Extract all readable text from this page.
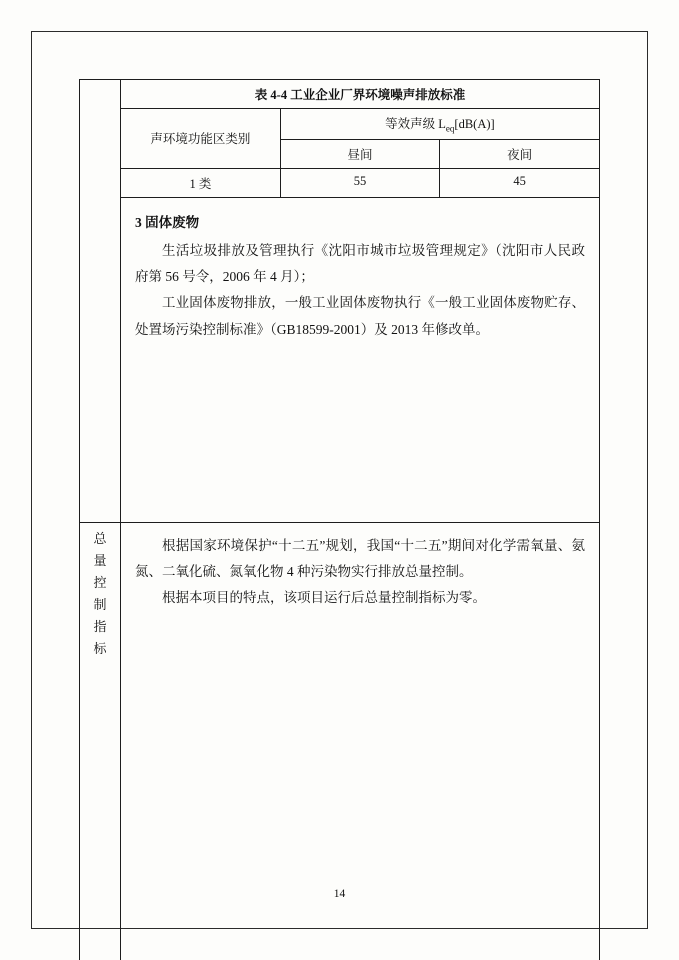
表 4-4 工业企业厂界环境噪声排放标准
声环境功能区类别	等效声级 $L_{eq}[dB(A)]$
昼间	夜间
1 类	55	45

3 固体废物

生活垃圾排放及管理执行《沈阳市城市垃圾管理规定》（沈阳市人民政府第 56 号令，2006 年 4 月）；

工业固体废物排放，一般工业固体废物执行《一般工业固体废物贮存、处置场污染控制标准》（GB18599-2001）及 2013 年修改单。

总
量
控
制
指
标

根据国家环境保护“十二五”规划，我国“十二五”期间对化学需氧量、氨氮、二氧化硫、氮氧化物 4 种污染物实行排放总量控制。

根据本项目的特点，该项目运行后总量控制指标为零。

14
